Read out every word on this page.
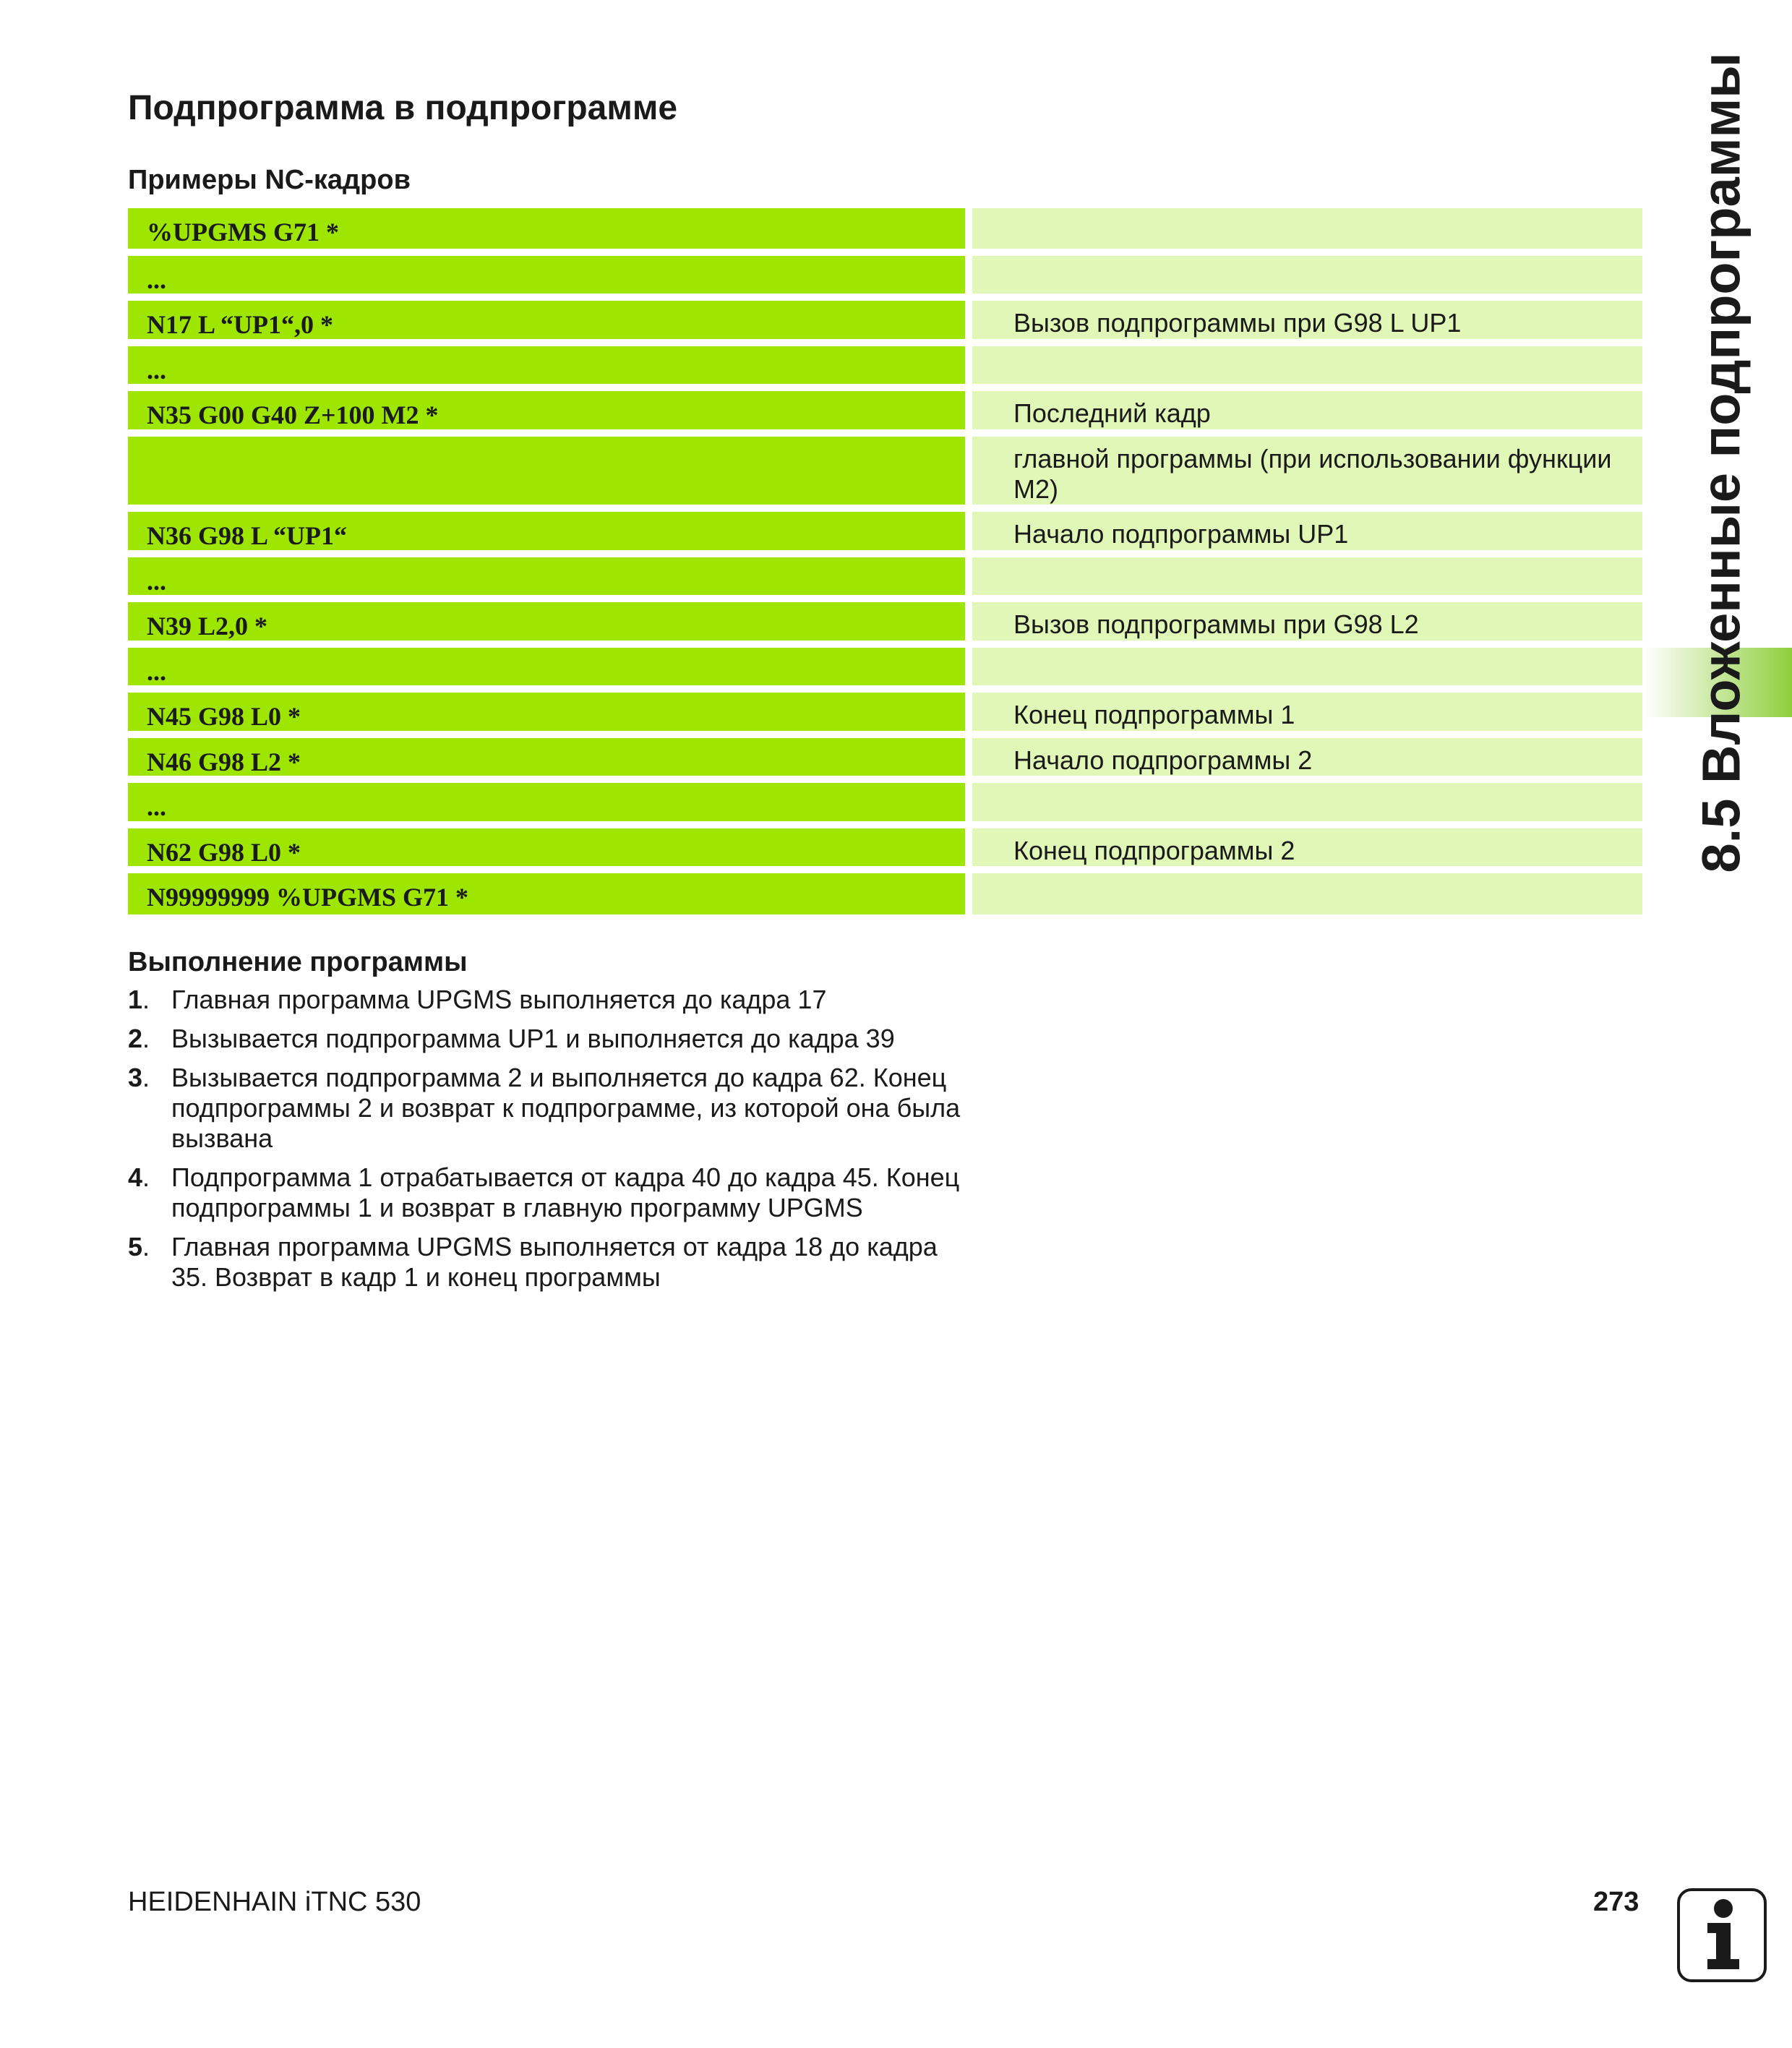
Подпрограмма в подпрограмме
Примеры NC-кадров
%UPGMS G71 *
...
N17 L “UP1“,0 *	Вызов подпрограммы при G98 L UP1
...
N35 G00 G40 Z+100 M2 *	Последний кадр
главной программы (при использовании функции M2)
N36 G98 L “UP1“	Начало подпрограммы UP1
...
N39 L2,0 *	Вызов подпрограммы при G98 L2
...
N45 G98 L0 *	Конец подпрограммы 1
N46 G98 L2 *	Начало подпрограммы 2
...
N62 G98 L0 *	Конец подпрограммы 2
N99999999 %UPGMS G71 *
Выполнение программы
1. Главная программа UPGMS выполняется до кадра 17
2. Вызывается подпрограмма UP1 и выполняется до кадра 39
3. Вызывается подпрограмма 2 и выполняется до кадра 62. Конец подпрограммы 2 и возврат к подпрограмме, из которой она была вызвана
4. Подпрограмма 1 отрабатывается от кадра 40 до кадра 45. Конец подпрограммы 1 и возврат в главную программу UPGMS
5. Главная программа UPGMS выполняется от кадра 18 до кадра 35. Возврат в кадр 1 и конец программы
8.5 Вложенные подпрограммы
HEIDENHAIN iTNC 530	273
